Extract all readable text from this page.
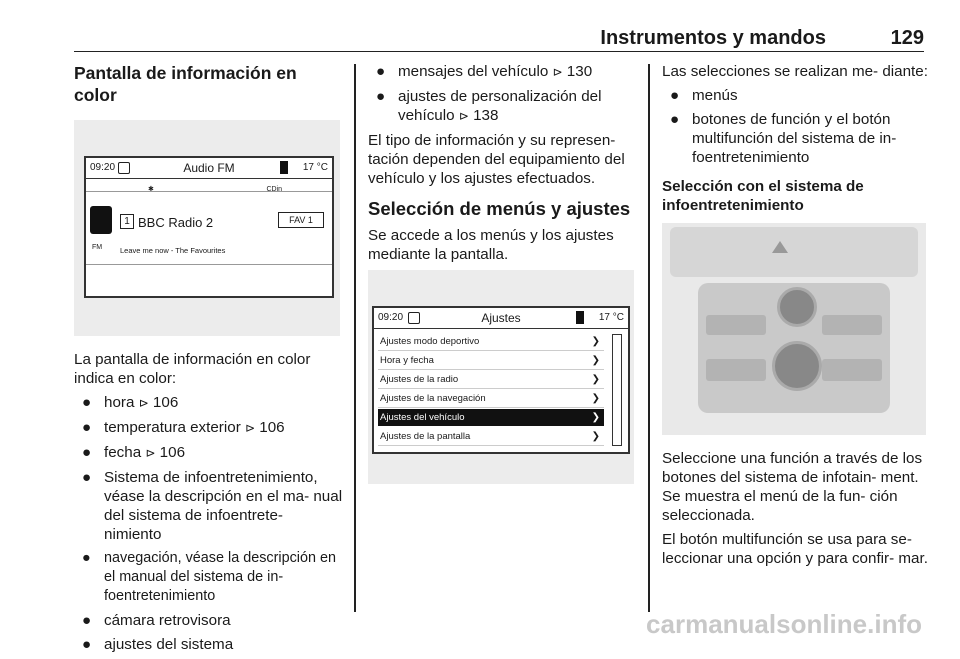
Instrumentos y mandos	129
Pantalla de información en color
09:20	Audio FM	17 °C
✱	CDin
FM
1 BBC Radio 2	FAV 1
Leave me now - The Favourites

La pantalla de información en color indica en color:

● hora ⊳ 106
● temperatura exterior ⊳ 106
● fecha ⊳ 106
● Sistema de infoentretenimiento, véase la descripción en el ma- nual del sistema de infoentrete- nimiento
● navegación, véase la descripción en el manual del sistema de in- foentretenimiento
● cámara retrovisora
● ajustes del sistema
● mensajes del vehículo ⊳ 130
● ajustes de personalización del vehículo ⊳ 138

El tipo de información y su represen- tación dependen del equipamiento del vehículo y los ajustes efectuados.

Selección de menús y ajustes

Se accede a los menús y los ajustes mediante la pantalla.

09:20	Ajustes	17 °C
Ajustes modo deportivo	❯
Hora y fecha	❯
Ajustes de la radio	❯
Ajustes de la navegación	❯
Ajustes del vehículo	❯
Ajustes de la pantalla	❯

Las selecciones se realizan me- diante:

● menús
● botones de función y el botón multifunción del sistema de in- foentretenimiento
Selección con el sistema de infoentretenimiento

Seleccione una función a través de los botones del sistema de infotain- ment. Se muestra el menú de la fun- ción seleccionada.

El botón multifunción se usa para se- leccionar una opción y para confir- mar.

carmanualsonline.info
